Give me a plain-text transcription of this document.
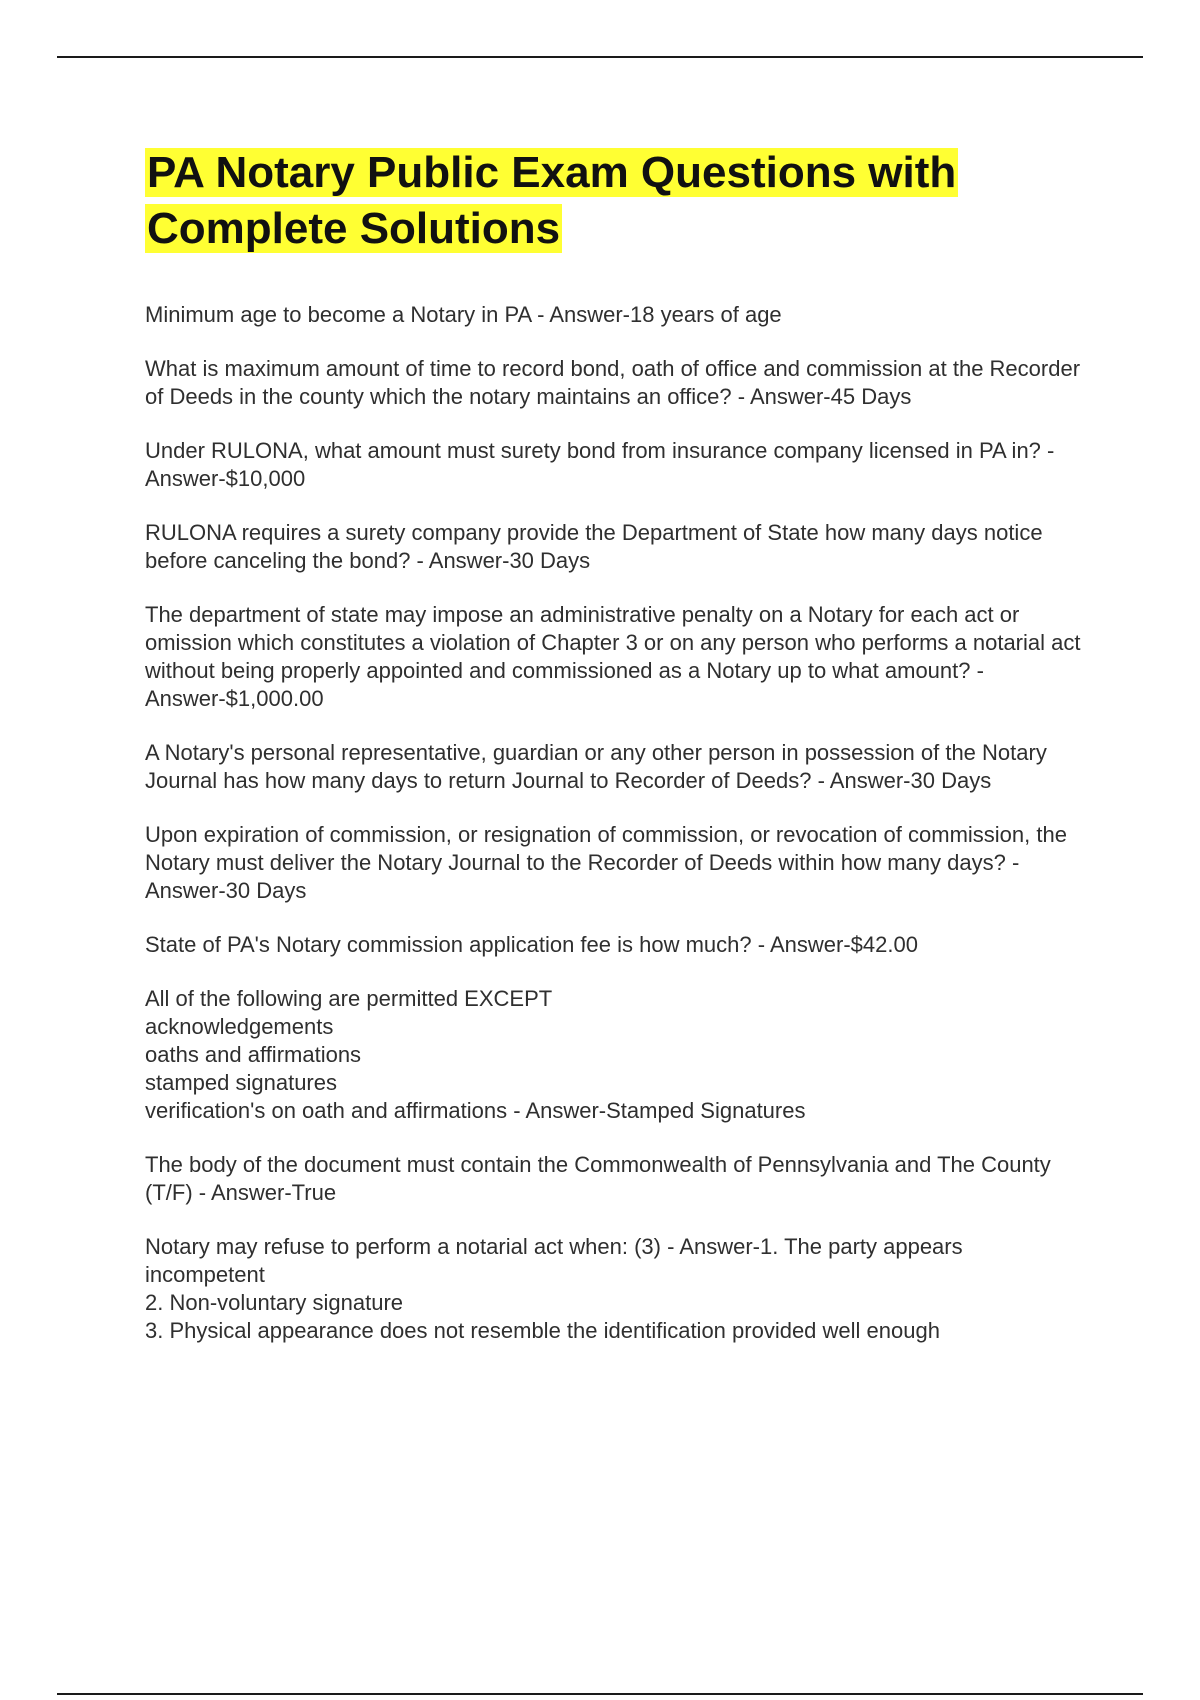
PA Notary Public Exam Questions with
Complete Solutions
Minimum age to become a Notary in PA - Answer-18 years of age
What is maximum amount of time to record bond, oath of office and commission at the Recorder of Deeds in the county which the notary maintains an office? - Answer-45 Days
Under RULONA, what amount must surety bond from insurance company licensed in PA in? - Answer-$10,000
RULONA requires a surety company provide the Department of State how many days notice before canceling the bond? - Answer-30 Days
The department of state may impose an administrative penalty on a Notary for each act or omission which constitutes a violation of Chapter 3 or on any person who performs a notarial act without being properly appointed and commissioned as a Notary up to what amount? - Answer-$1,000.00
A Notary's personal representative, guardian or any other person in possession of the Notary Journal has how many days to return Journal to Recorder of Deeds? - Answer-30 Days
Upon expiration of commission, or resignation of commission, or revocation of commission, the Notary must deliver the Notary Journal to the Recorder of Deeds within how many days? - Answer-30 Days
State of PA's Notary commission application fee is how much? - Answer-$42.00
All of the following are permitted EXCEPT
acknowledgements
oaths and affirmations
stamped signatures
verification's on oath and affirmations - Answer-Stamped Signatures
The body of the document must contain the Commonwealth of Pennsylvania and The County (T/F) - Answer-True
Notary may refuse to perform a notarial act when: (3) - Answer-1. The party appears incompetent
2. Non-voluntary signature
3. Physical appearance does not resemble the identification provided well enough
